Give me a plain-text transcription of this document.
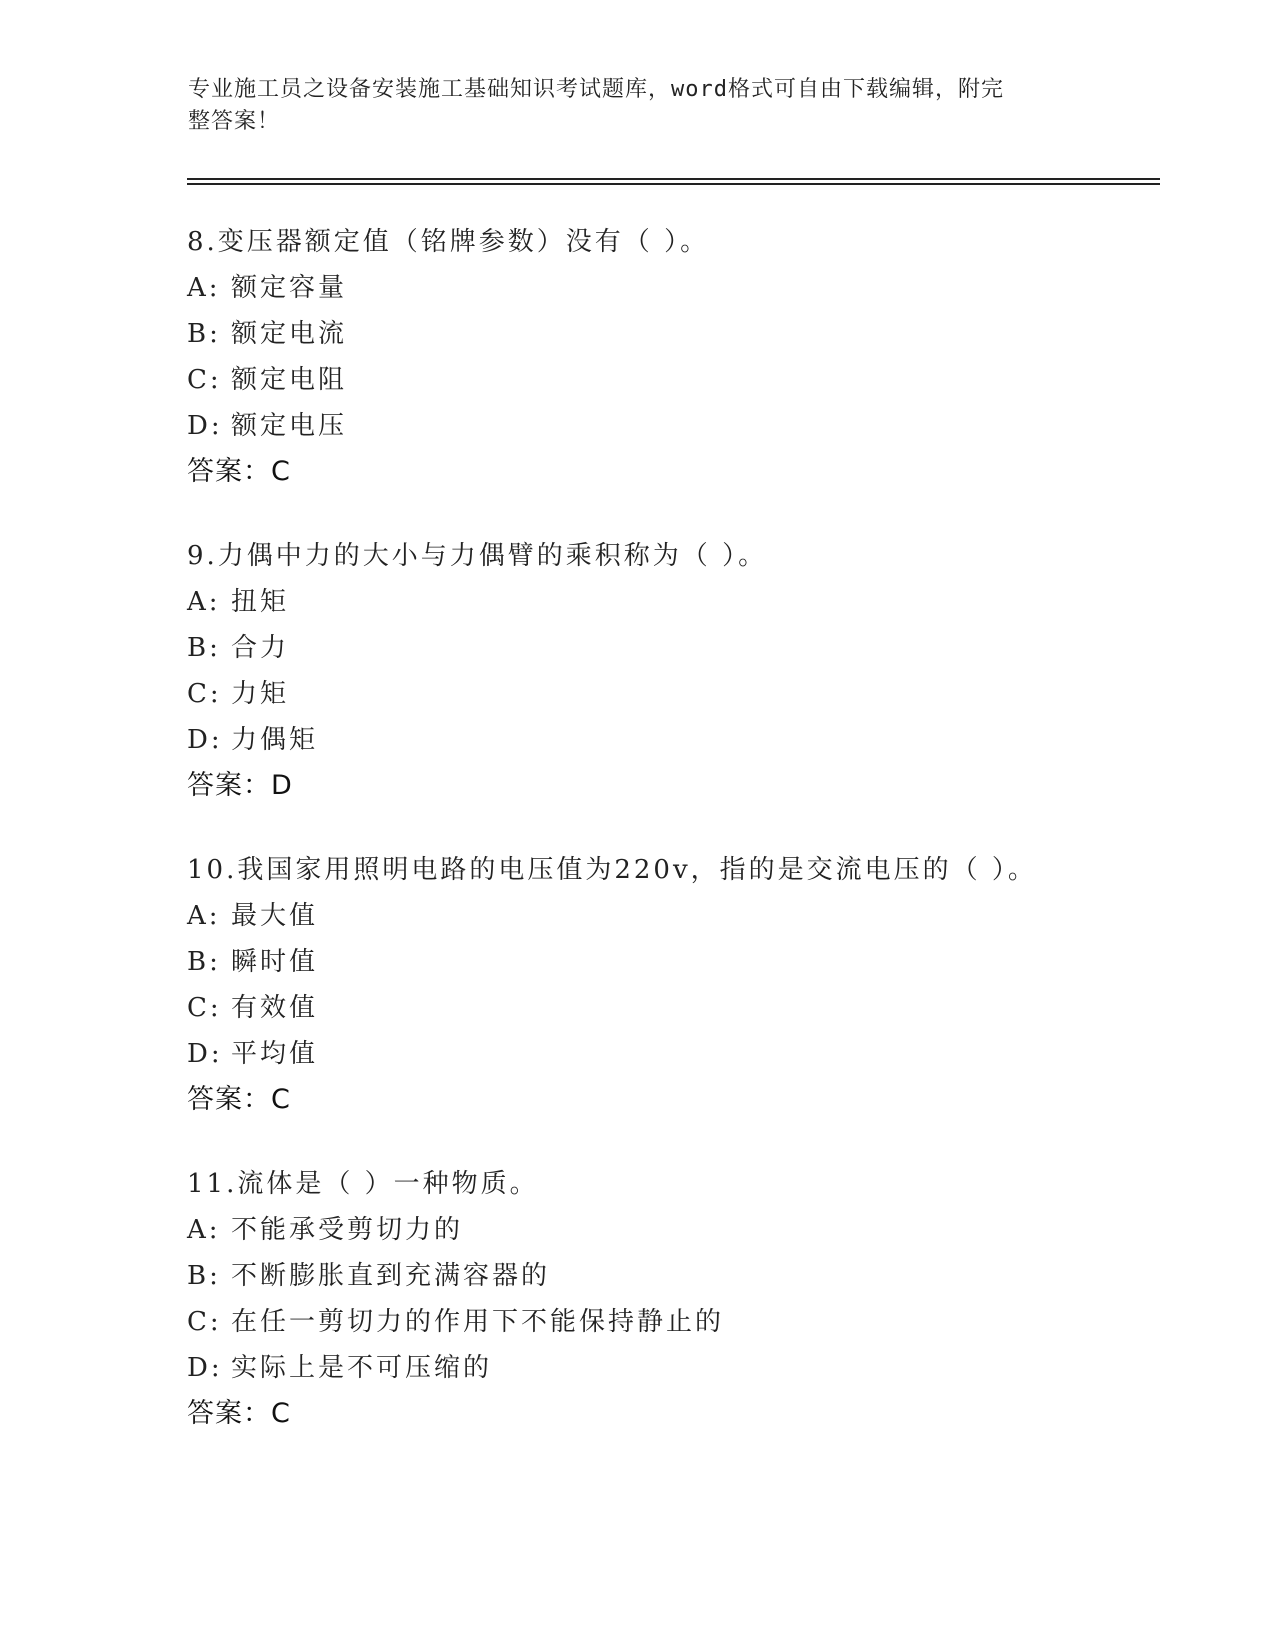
专业施工员之设备安装施工基础知识考试题库，word格式可自由下载编辑，附完
整答案！
8.变压器额定值（铭牌参数）没有（ ）。
A: 额定容量
B: 额定电流
C: 额定电阻
D: 额定电压
答案：C
9.力偶中力的大小与力偶臂的乘积称为（ ）。
A: 扭矩
B: 合力
C: 力矩
D: 力偶矩
答案：D
10.我国家用照明电路的电压值为220v，指的是交流电压的（ ）。
A: 最大值
B: 瞬时值
C: 有效值
D: 平均值
答案：C
11.流体是（ ）一种物质。
A: 不能承受剪切力的
B: 不断膨胀直到充满容器的
C: 在任一剪切力的作用下不能保持静止的
D: 实际上是不可压缩的
答案：C
